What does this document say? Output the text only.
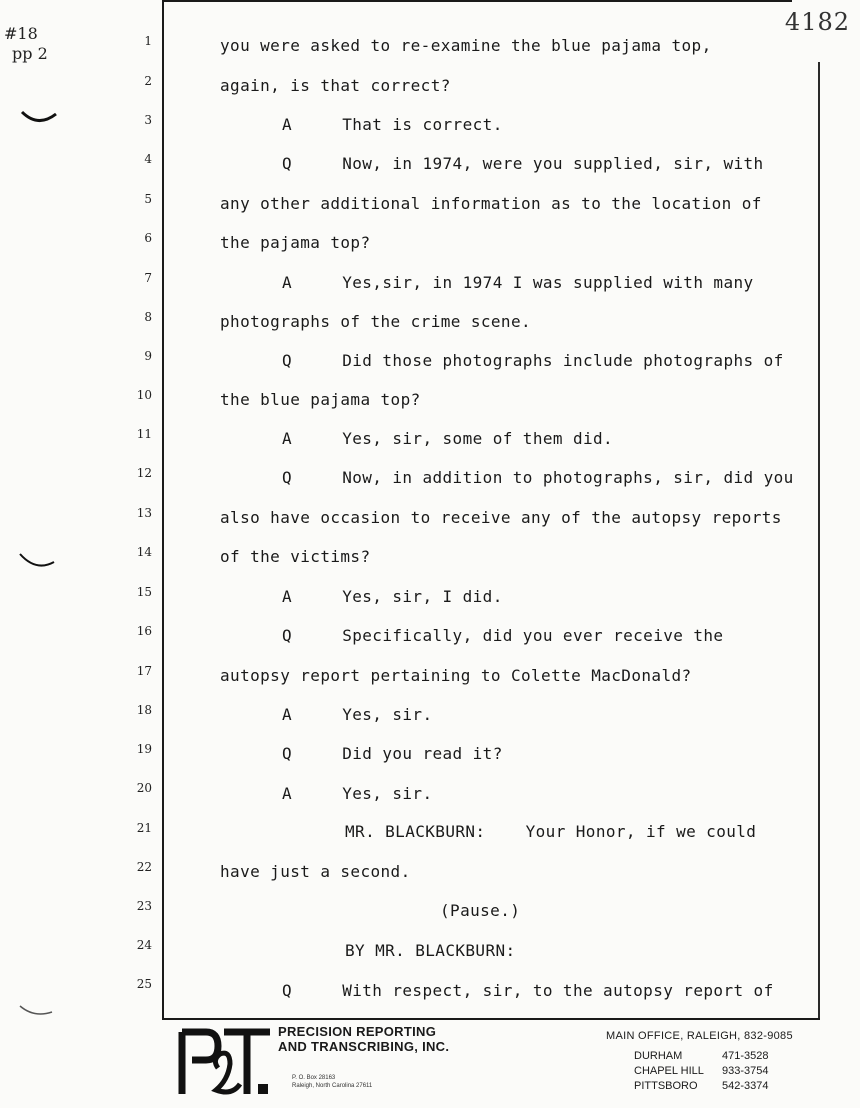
#18
pp 2
4182
1
2
3
4
5
6
7
8
9
10
11
12
13
14
15
16
17
18
19
20
21
22
23
24
25
you were asked to re-examine the blue pajama top,
again, is that correct?
A     That is correct.
Q     Now, in 1974, were you supplied, sir, with
any other additional information as to the location of
the pajama top?
A     Yes,sir, in 1974 I was supplied with many
photographs of the crime scene.
Q     Did those photographs include photographs of
the blue pajama top?
A     Yes, sir, some of them did.
Q     Now, in addition to photographs, sir, did you
also have occasion to receive any of the autopsy reports
of the victims?
A     Yes, sir, I did.
Q     Specifically, did you ever receive the
autopsy report pertaining to Colette MacDonald?
A     Yes, sir.
Q     Did you read it?
A     Yes, sir.
MR. BLACKBURN:    Your Honor, if we could
have just a second.
(Pause.)
BY MR. BLACKBURN:
Q     With respect, sir, to the autopsy report of
P&T
PRECISION REPORTING
AND TRANSCRIBING, INC.
P. O. Box 28163
Raleigh, North Carolina 27611
MAIN OFFICE, RALEIGH, 832-9085
DURHAM	471-3528
CHAPEL HILL 933-3754
PITTSBORO 542-3374
